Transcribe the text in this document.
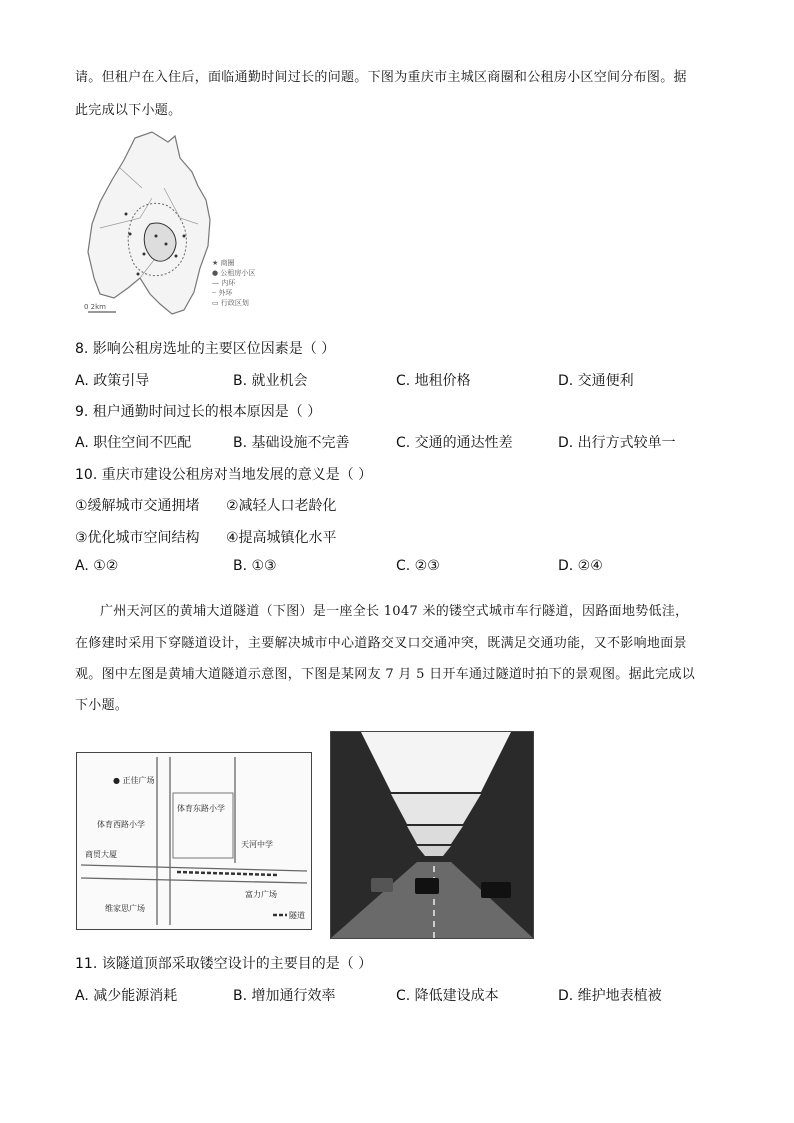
请。但租户在入住后，面临通勤时间过长的问题。下图为重庆市主城区商圈和公租房小区空间分布图。据
此完成以下小题。
0 2km
★ 商圈
● 公租房小区
— 内环
┈ 外环
▭ 行政区划
8. 影响公租房选址的主要区位因素是（ ）
A. 政策引导	B. 就业机会	C. 地租价格	D. 交通便利
9. 租户通勤时间过长的根本原因是（ ）
A. 职住空间不匹配	B. 基础设施不完善	C. 交通的通达性差	D. 出行方式较单一
10. 重庆市建设公租房对当地发展的意义是（ ）
①缓解城市交通拥堵 ②减轻人口老龄化
③优化城市空间结构 ④提高城镇化水平
A. ①②	B. ①③	C. ②③	D. ②④
广州天河区的黄埔大道隧道（下图）是一座全长 1047 米的镂空式城市车行隧道，因路面地势低洼，
在修建时采用下穿隧道设计，主要解决城市中心道路交叉口交通冲突，既满足交通功能，又不影响地面景
观。图中左图是黄埔大道隧道示意图，下图是某网友 7 月 5 日开车通过隧道时拍下的景观图。据此完成以
下小题。
● 正佳广场
体育东路小学
体育西路小学
天河中学
商贸大厦
富力广场
维家思广场
隧道
11. 该隧道顶部采取镂空设计的主要目的是（ ）
A. 减少能源消耗	B. 增加通行效率	C. 降低建设成本	D. 维护地表植被
